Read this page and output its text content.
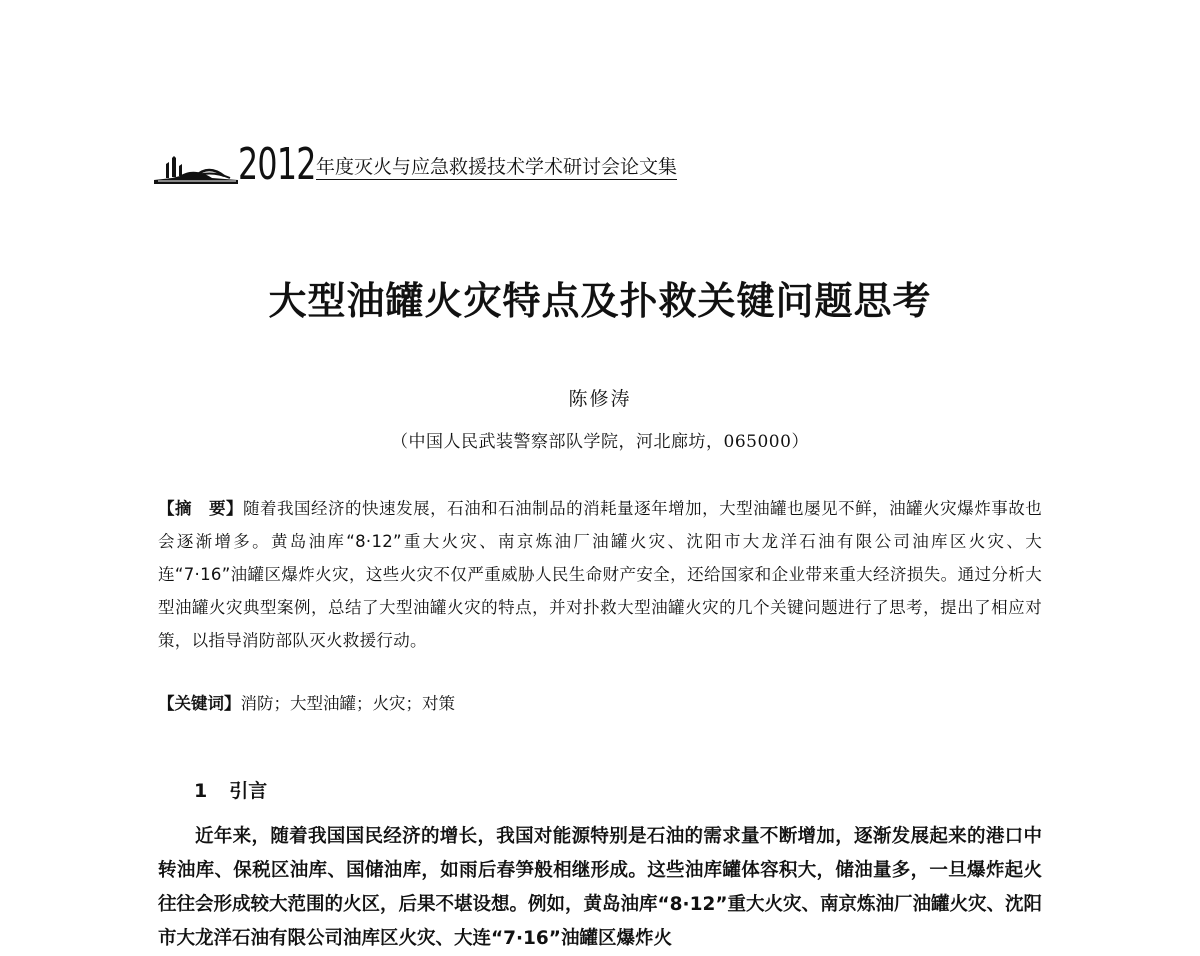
2012 年度灭火与应急救援技术学术研讨会论文集
大型油罐火灾特点及扑救关键问题思考
陈修涛
（中国人民武装警察部队学院，河北廊坊，065000）
【摘　要】随着我国经济的快速发展，石油和石油制品的消耗量逐年增加，大型油罐也屡见不鲜，油罐火灾爆炸事故也会逐渐增多。黄岛油库“8·12”重大火灾、南京炼油厂油罐火灾、沈阳市大龙洋石油有限公司油库区火灾、大连“7·16”油罐区爆炸火灾，这些火灾不仅严重威胁人民生命财产安全，还给国家和企业带来重大经济损失。通过分析大型油罐火灾典型案例，总结了大型油罐火灾的特点，并对扑救大型油罐火灾的几个关键问题进行了思考，提出了相应对策，以指导消防部队灭火救援行动。
【关键词】消防；大型油罐；火灾；对策
1 引言
近年来，随着我国国民经济的增长，我国对能源特别是石油的需求量不断增加，逐渐发展起来的港口中转油库、保税区油库、国储油库，如雨后春笋般相继形成。这些油库罐体容积大，储油量多，一旦爆炸起火往往会形成较大范围的火区，后果不堪设想。例如，黄岛油库“8·12”重大火灾、南京炼油厂油罐火灾、沈阳市大龙洋石油有限公司油库区火灾、大连“7·16”油罐区爆炸火
